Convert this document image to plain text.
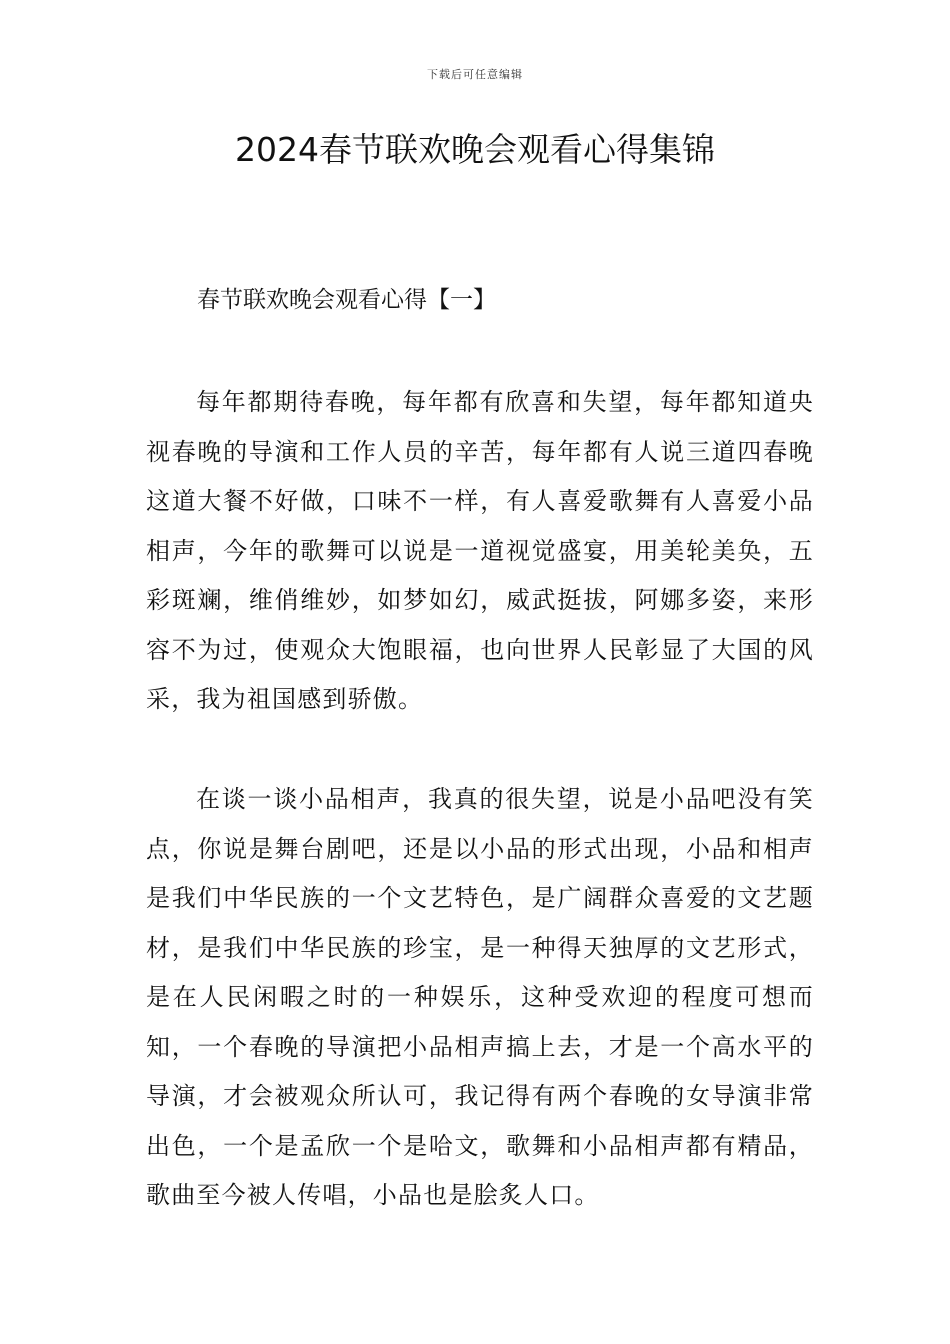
下载后可任意编辑
2024春节联欢晚会观看心得集锦
春节联欢晚会观看心得【一】

每年都期待春晚，每年都有欣喜和失望，每年都知道央视春晚的导演和工作人员的辛苦，每年都有人说三道四春晚这道大餐不好做，口味不一样，有人喜爱歌舞有人喜爱小品相声，今年的歌舞可以说是一道视觉盛宴，用美轮美奂，五彩斑斓，维俏维妙，如梦如幻，威武挺拔，阿娜多姿，来形容不为过，使观众大饱眼福，也向世界人民彰显了大国的风采，我为祖国感到骄傲。

在谈一谈小品相声，我真的很失望，说是小品吧没有笑点，你说是舞台剧吧，还是以小品的形式出现，小品和相声是我们中华民族的一个文艺特色，是广阔群众喜爱的文艺题材，是我们中华民族的珍宝，是一种得天独厚的文艺形式，是在人民闲暇之时的一种娱乐，这种受欢迎的程度可想而知，一个春晚的导演把小品相声搞上去，才是一个高水平的导演，才会被观众所认可，我记得有两个春晚的女导演非常出色，一个是孟欣一个是哈文，歌舞和小品相声都有精品，歌曲至今被人传唱，小品也是脍炙人口。
